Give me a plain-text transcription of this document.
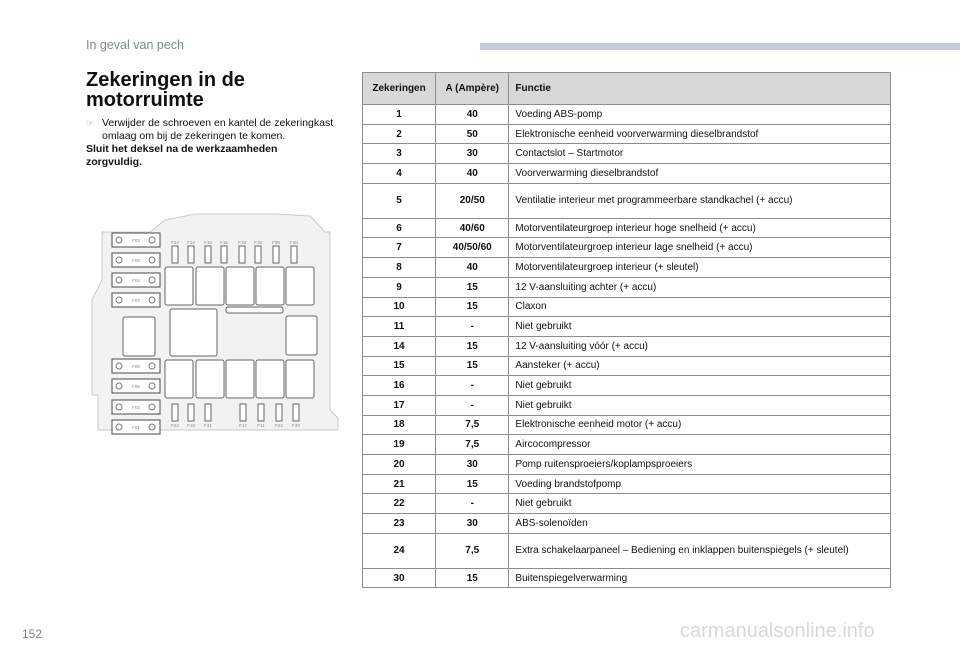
In geval van pech
Zekeringen in de motorruimte
☞ Verwijder de schroeven en kantel de zekeringkast omlaag om bij de zekeringen te komen.
Sluit het deksel na de werkzaamheden zorgvuldig.
F03
F08
F04
F07
F06
F05
F02
F01
F24 F14 F10 F15 F19 F16 F09 F30
F23 F18 F21	F17 F11 F22 F20
Zekeringen	A (Ampère)	Functie
1	40	Voeding ABS-pomp
2	50	Elektronische eenheid voorverwarming dieselbrandstof
3	30	Contactslot – Startmotor
4	40	Voorverwarming dieselbrandstof
5	20/50	Ventilatie interieur met programmeerbare standkachel (+ accu)
6	40/60	Motorventilateurgroep interieur hoge snelheid (+ accu)
7	40/50/60	Motorventilateurgroep interieur lage snelheid (+ accu)
8	40	Motorventilateurgroep interieur (+ sleutel)
9	15	12 V-aansluiting achter (+ accu)
10	15	Claxon
11	-	Niet gebruikt
14	15	12 V-aansluiting vóór (+ accu)
15	15	Aansteker (+ accu)
16	-	Niet gebruikt
17	-	Niet gebruikt
18	7,5	Elektronische eenheid motor (+ accu)
19	7,5	Aircocompressor
20	30	Pomp ruitensproeiers/koplampsproeiers
21	15	Voeding brandstofpomp
22	-	Niet gebruikt
23	30	ABS-solenoïden
24	7,5	Extra schakelaarpaneel – Bediening en inklappen buitenspiegels (+ sleutel)
30	15	Buitenspiegelverwarming
152	carmanualsonline.info
